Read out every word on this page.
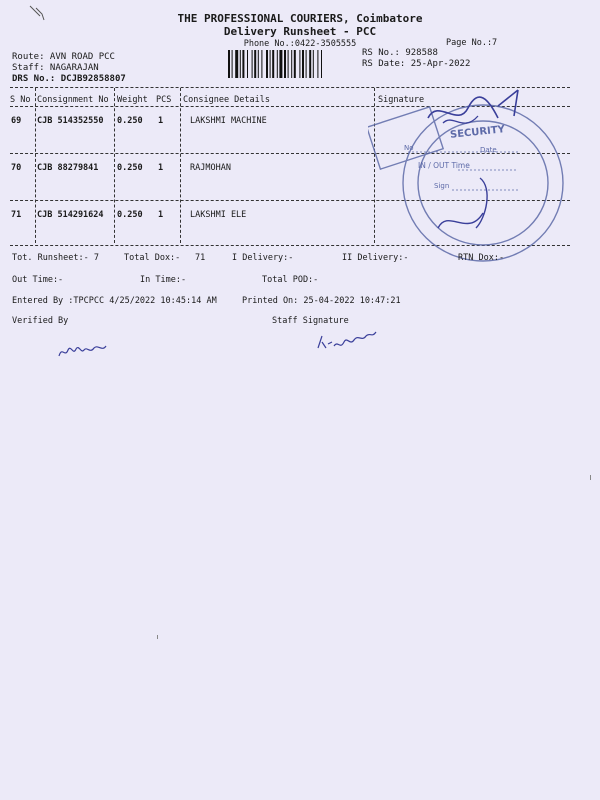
THE PROFESSIONAL COURIERS, Coimbatore
Delivery Runsheet - PCC
Phone No.:0422-3505555	Page No.:7
Route: AVN ROAD PCC
Staff: NAGARAJAN
DRS No.: DCJB92858807
RS No.: 928588
RS Date: 25-Apr-2022
S No Consignment No Weight PCS Consignee Details	Signature
69 CJB 514352550 0.250 1	LAKSHMI MACHINE
70 CJB 88279841 0.250 1	RAJMOHAN
71 CJB 514291624 0.250 1	LAKSHMI ELE
SECURITY
No	Date
IN / OUT Time
Sign
Tot. Runsheet:- 7	Total Dox:- 71	I Delivery:-	II Delivery:-	RTN Dox:-
Out Time:-	In Time:-	Total POD:-
Entered By :TPCPCC 4/25/2022 10:45:14 AM	Printed On: 25-04-2022 10:47:21
Verified By	Staff Signature
